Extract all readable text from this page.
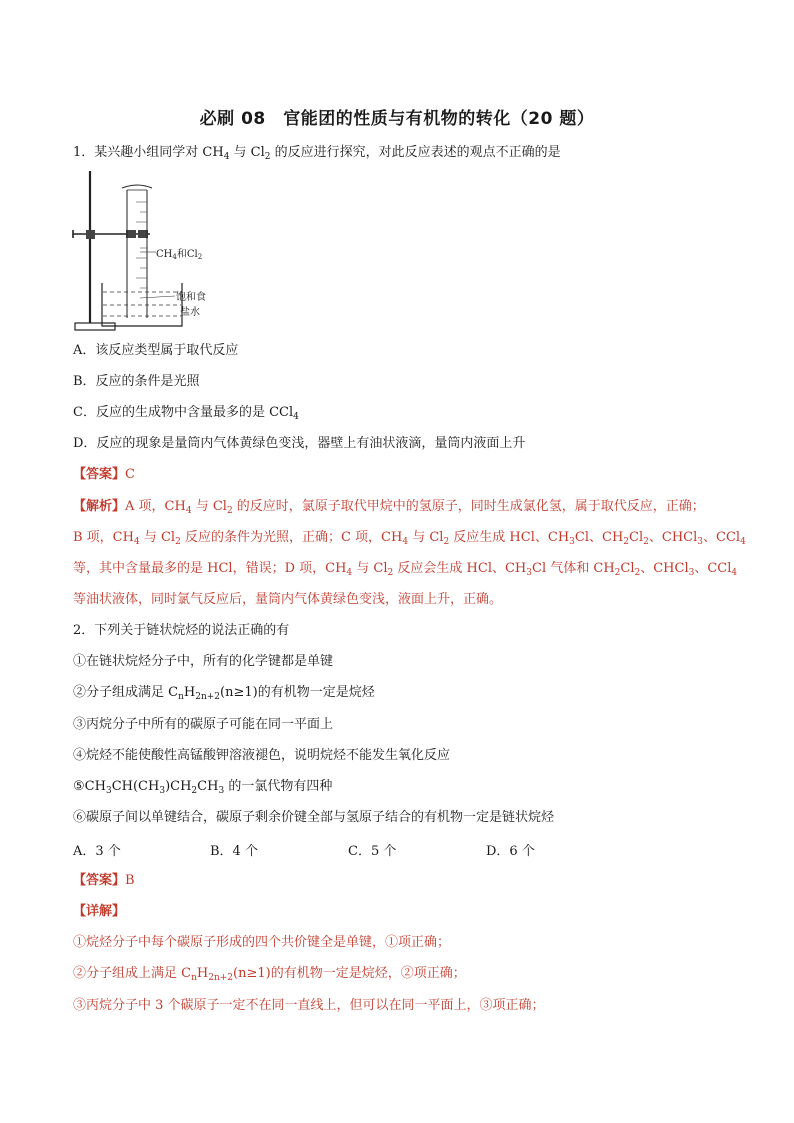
必刷 08　官能团的性质与有机物的转化（20 题）
1．某兴趣小组同学对 $CH_4$ 与 $Cl_2$ 的反应进行探究，对此反应表述的观点不正确的是
$CH_4$和$Cl_2$
饱和食
盐水
A．该反应类型属于取代反应
B．反应的条件是光照
C．反应的生成物中含量最多的是 CCl$_4$
D．反应的现象是量筒内气体黄绿色变浅，器壁上有油状液滴，量筒内液面上升
【答案】C
【解析】A 项，$CH_4$ 与 $Cl_2$ 的反应时，氯原子取代甲烷中的氢原子，同时生成氯化氢，属于取代反应，正确；
B 项，$CH_4$ 与 $Cl_2$ 反应的条件为光照，正确；C 项，$CH_4$ 与 $Cl_2$ 反应生成 HCl、$CH_3Cl$、$CH_2Cl_2$、CHCl$_3$、CCl$_4$
等，其中含量最多的是 HCl，错误；D 项，$CH_4$ 与 $Cl_2$ 反应会生成 HCl、$CH_3Cl$ 气体和 $CH_2Cl_2$、CHCl$_3$、CCl$_4$
等油状液体，同时氯气反应后，量筒内气体黄绿色变浅，液面上升，正确。
2．下列关于链状烷烃的说法正确的有
①在链状烷烃分子中，所有的化学键都是单键
②分子组成满足 $C_nH_{2n+2}(n\ge 1)$的有机物一定是烷烃
③丙烷分子中所有的碳原子可能在同一平面上
④烷烃不能使酸性高锰酸钾溶液褪色，说明烷烃不能发生氧化反应
$⑤CH_3CH(CH_3)CH_2CH_3$ 的一氯代物有四种
⑥碳原子间以单键结合，碳原子剩余价键全部与氢原子结合的有机物一定是链状烷烃
A．3 个	B．4 个	C．5 个	D．6 个
【答案】B
【详解】
①烷烃分子中每个碳原子形成的四个共价键全是单键，①项正确；
②分子组成上满足 $C_nH_{2n+2}(n\ge 1)$的有机物一定是烷烃，②项正确；
③丙烷分子中 3 个碳原子一定不在同一直线上，但可以在同一平面上，③项正确；
